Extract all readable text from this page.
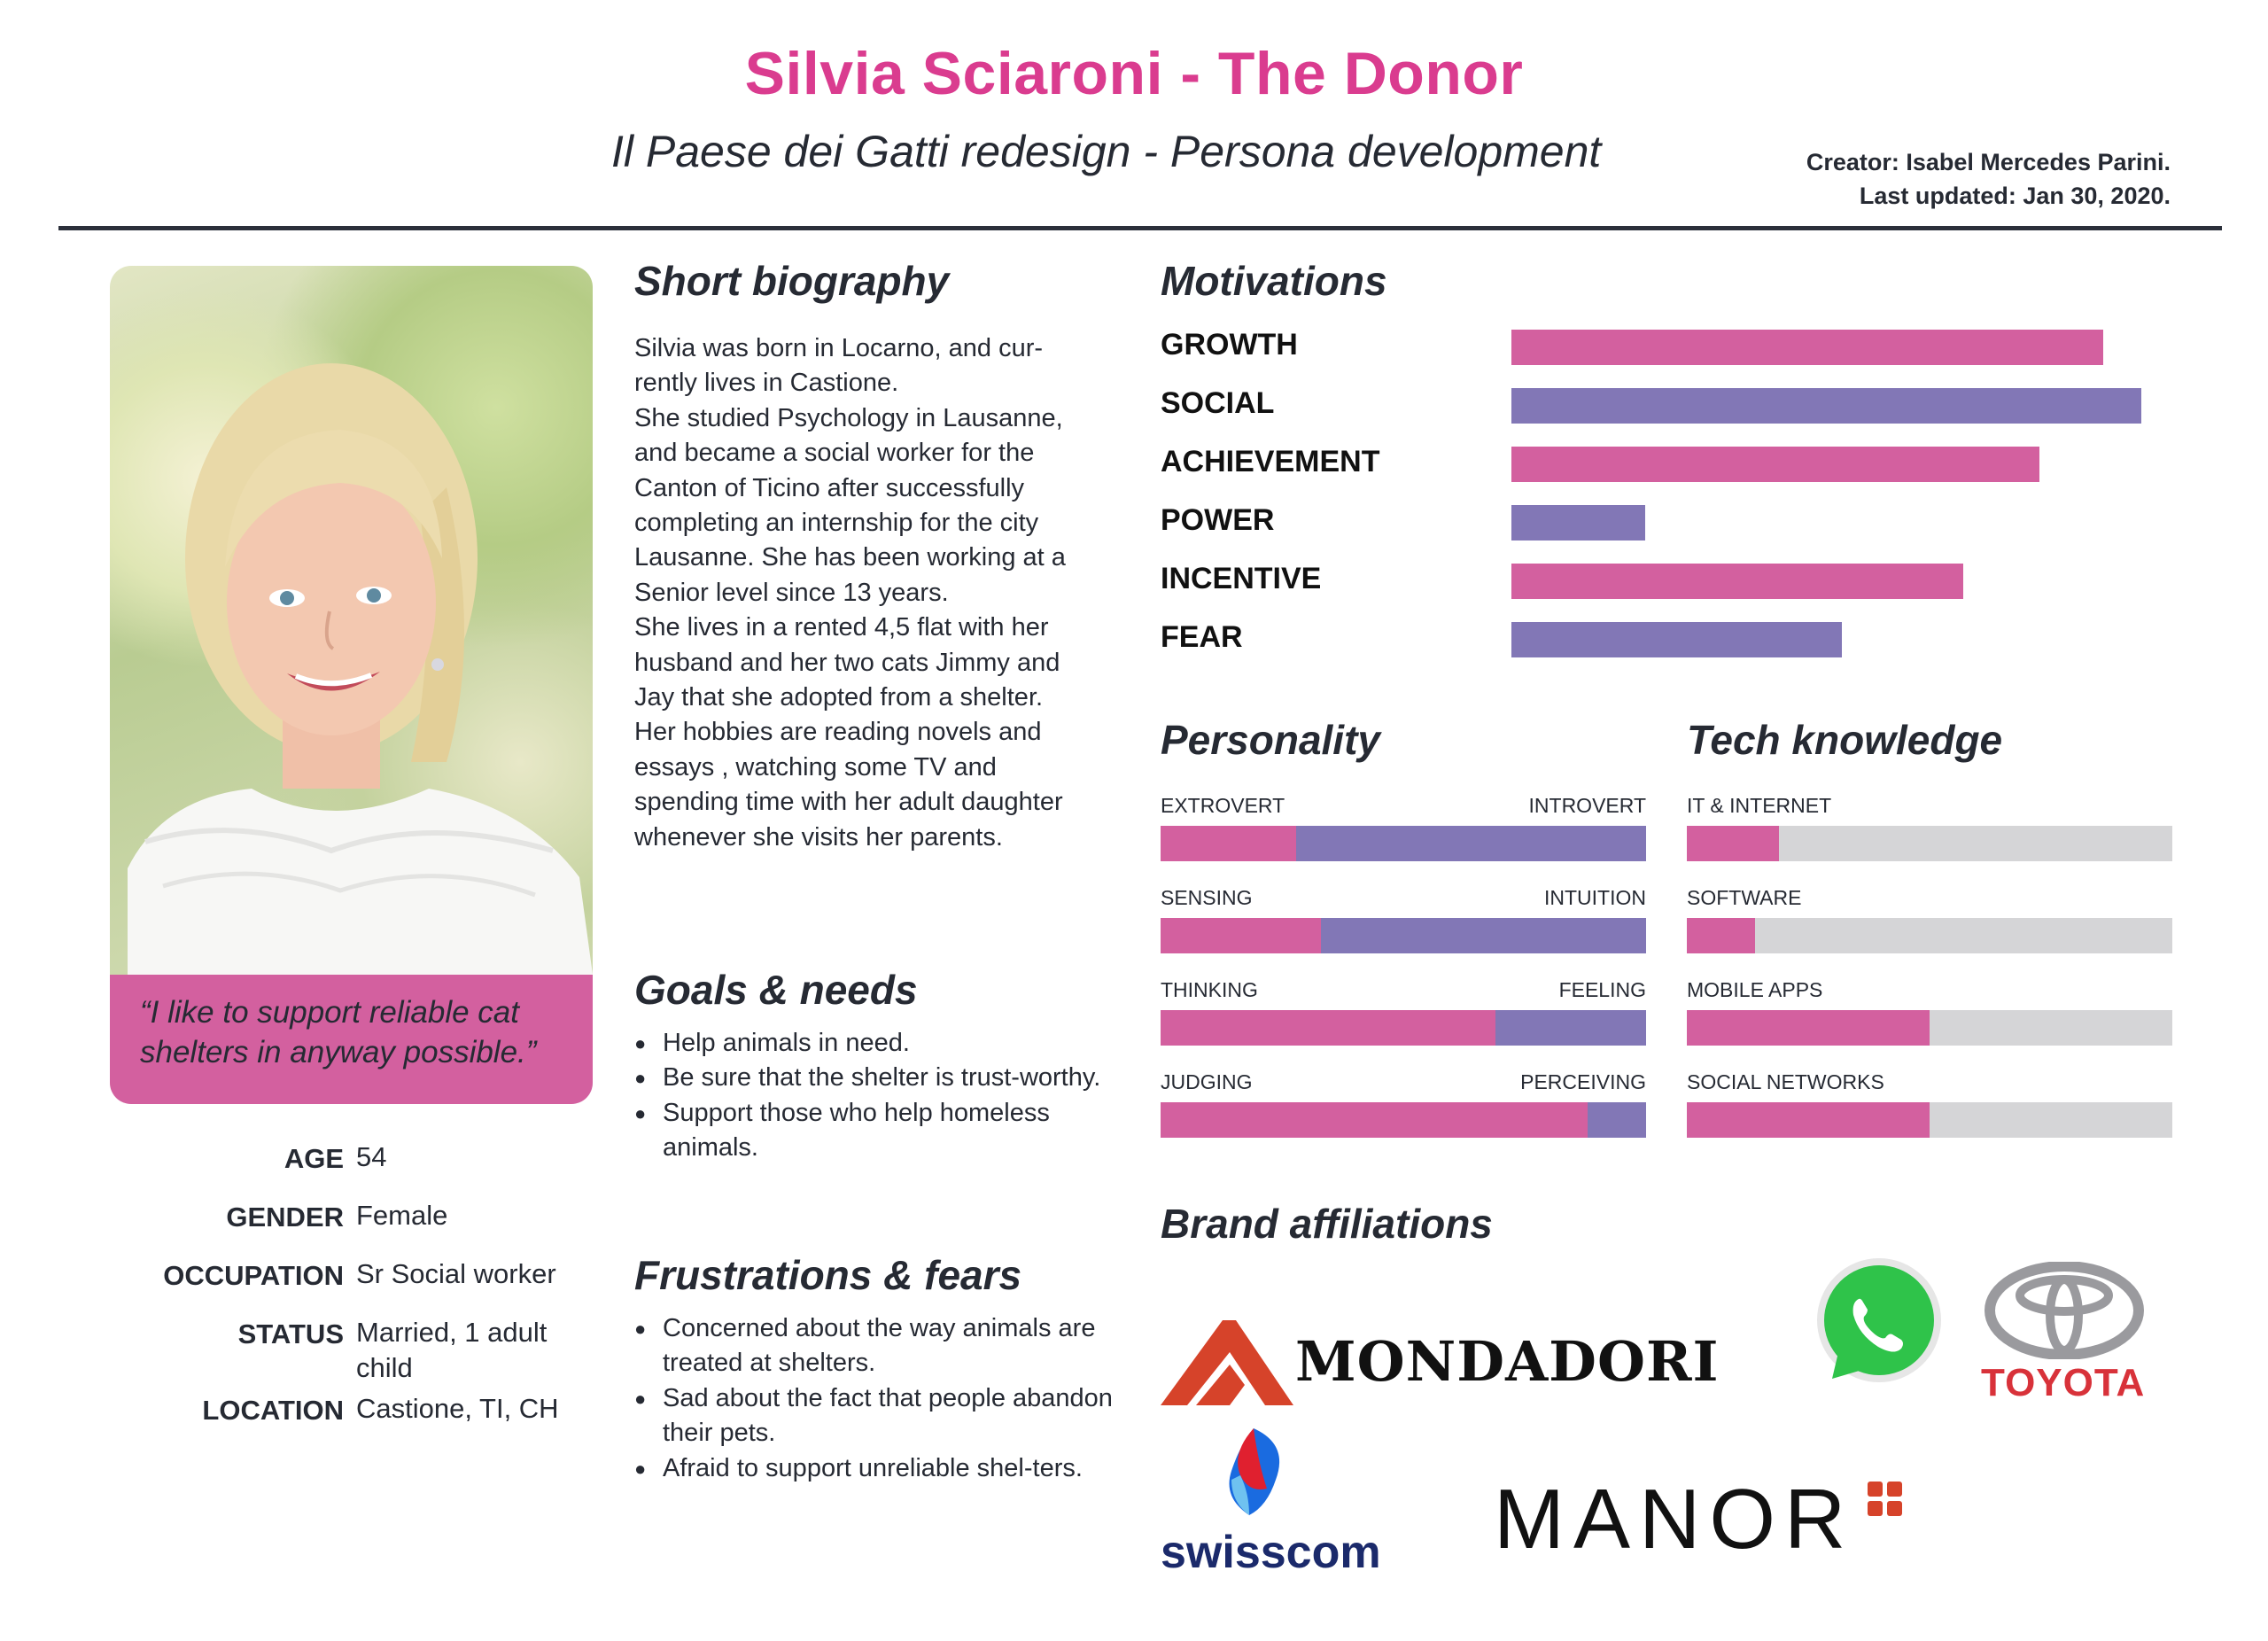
Silvia Sciaroni - The Donor
Il Paese dei Gatti redesign - Persona development	Creator: Isabel Mercedes Parini.
Last updated: Jan 30, 2020.
“I like to support reliable cat shelters in anyway possible.”
AGE 54
GENDER Female
OCCUPATION Sr Social worker
STATUS Married, 1 adult child
LOCATION Castione, TI, CH
Short biography
Silvia was born in Locarno, and cur-
rently lives in Castione.
She studied Psychology in Lausanne,
and became a social worker for the
Canton of Ticino after successfully
completing an internship for the city
Lausanne. She has been working at a
Senior level since 13 years.
She lives in a rented 4,5 flat with her
husband and her two cats Jimmy and
Jay that she adopted from a shelter.
Her hobbies are reading novels and
essays , watching some TV and
spending time with her adult daughter
whenever she visits her parents.
Goals & needs
● Help animals in need.
● Be sure that the shelter is trust-worthy.
● Support those who help homeless animals.
Frustrations & fears
● Concerned about the way animals are treated at shelters.
● Sad about the fact that people abandon their pets.
● Afraid to support unreliable shel-ters.
Motivations
GROWTH
SOCIAL
ACHIEVEMENT
POWER
INCENTIVE
FEAR
Personality
EXTROVERT	INTROVERT
SENSING	INTUITION
THINKING	FEELING
JUDGING	PERCEIVING
Tech knowledge
IT & INTERNET
SOFTWARE
MOBILE APPS
SOCIAL NETWORKS
Brand affiliations
MONDADORI	TOYOTA
swisscom MANOR
